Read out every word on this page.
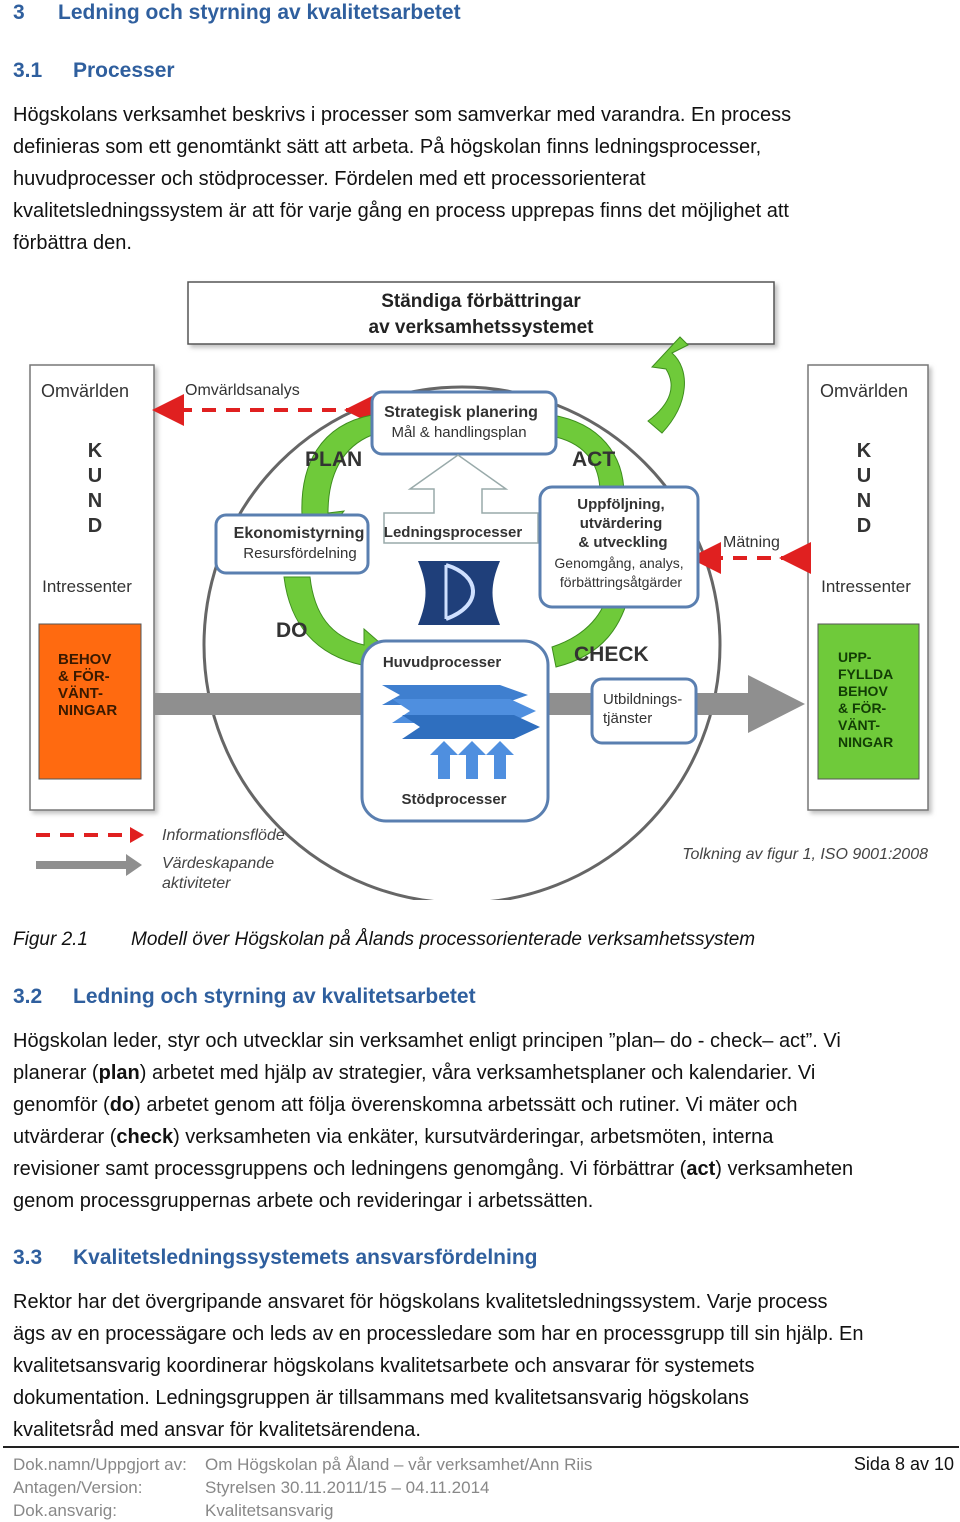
3 Ledning och styrning av kvalitetsarbetet
3.1 Processer
Högskolans verksamhet beskrivs i processer som samverkar med varandra. En process
definieras som ett genomtänkt sätt att arbeta. På högskolan finns ledningsprocesser,
huvudprocesser och stödprocesser. Fördelen med ett processorienterat
kvalitetsledningssystem är att för varje gång en process upprepas finns det möjlighet att
förbättra den.
Ständiga förbättringar
av verksamhetssystemet
Omvärlden
K
U
N
D
Intressenter
BEHOV
& FÖR-
VÄNT-
NINGAR
Omvärlden
K
U
N
D
Intressenter
UPP-
FYLLDA
BEHOV
& FÖR-
VÄNT-
NINGAR
Omvärldsanalys
Mätning
PLAN	ACT
DO
CHECK
Strategisk planering
Mål & handlingsplan
Ledningsprocesser
Ekonomistyrning
Resursfördelning
Uppföljning,
utvärdering
& utveckling
Genomgång, analys,
förbättringsåtgärder
Huvudprocesser
Stödprocesser
Utbildnings-
tjänster
Informationsflöde
Värdeskapande
aktiviteter
Tolkning av figur 1, ISO 9001:2008
Figur 2.1 Modell över Högskolan på Ålands processorienterade verksamhetssystem
3.2 Ledning och styrning av kvalitetsarbetet
Högskolan leder, styr och utvecklar sin verksamhet enligt principen ”plan– do - check– act”. Vi
planerar (plan) arbetet med hjälp av strategier, våra verksamhetsplaner och kalendarier. Vi
genomför (do) arbetet genom att följa överenskomna arbetssätt och rutiner. Vi mäter och
utvärderar (check) verksamheten via enkäter, kursutvärderingar, arbetsmöten, interna
revisioner samt processgruppens och ledningens genomgång. Vi förbättrar (act) verksamheten
genom processgruppernas arbete och revideringar i arbetssätten.
3.3 Kvalitetsledningssystemets ansvarsfördelning
Rektor har det övergripande ansvaret för högskolans kvalitetsledningssystem. Varje process
ägs av en processägare och leds av en processledare som har en processgrupp till sin hjälp. En
kvalitetsansvarig koordinerar högskolans kvalitetsarbete och ansvarar för systemets
dokumentation. Ledningsgruppen är tillsammans med kvalitetsansvarig högskolans
kvalitetsråd med ansvar för kvalitetsärendena.
Dok.namn/Uppgjort av: Om Högskolan på Åland – vår verksamhet/Ann Riis
Antagen/Version:	Styrelsen 30.11.2011/15 – 04.11.2014
Dok.ansvarig:	Kvalitetsansvarig
Sida 8 av 10
